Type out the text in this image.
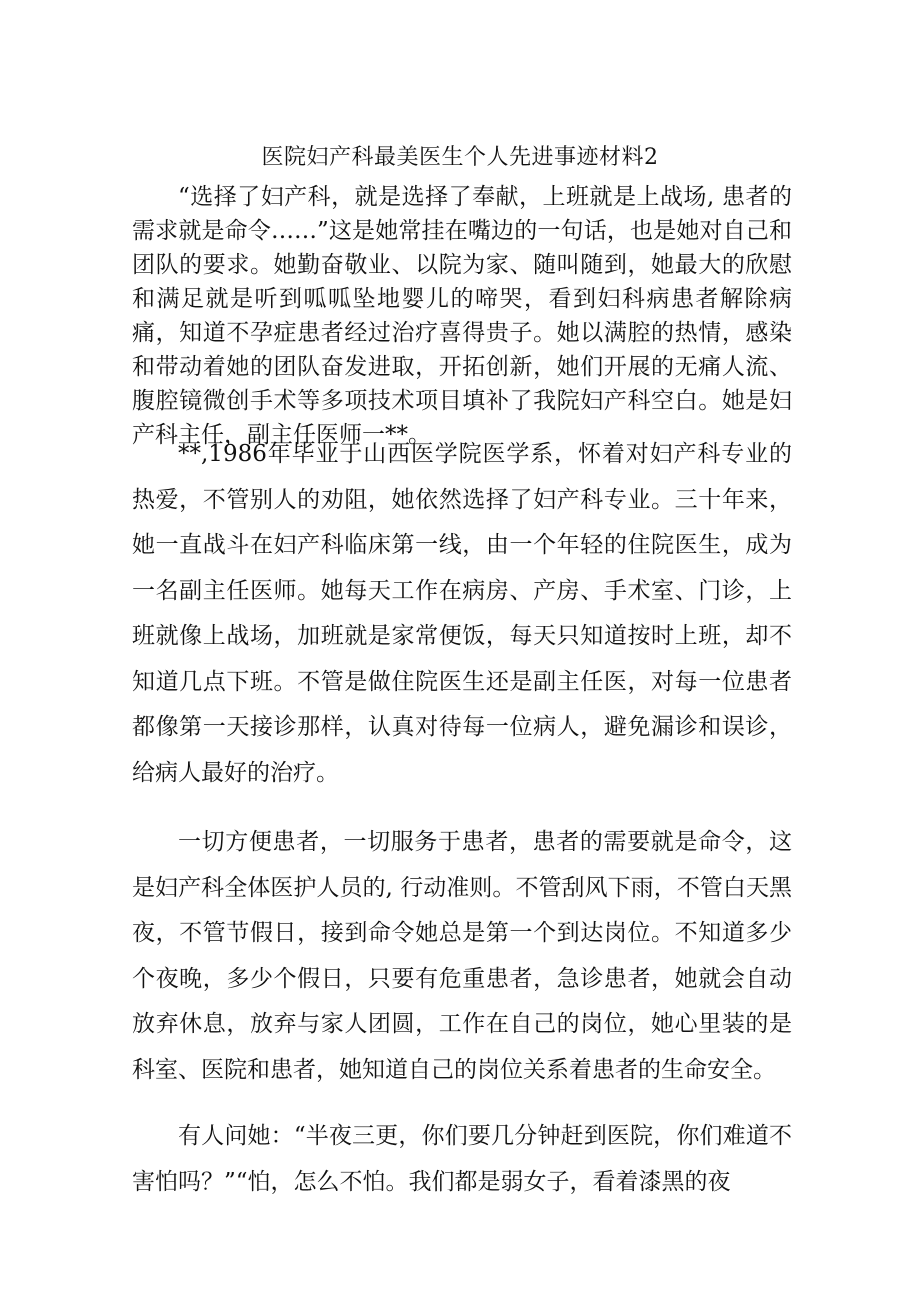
医院妇产科最美医生个人先进事迹材料2

“选择了妇产科，就是选择了奉献，上班就是上战场, 患者的需求就是命令……”这是她常挂在嘴边的一句话，也是她对自己和团队的要求。她勤奋敬业、以院为家、随叫随到，她最大的欣慰和满足就是听到呱呱坠地婴儿的啼哭，看到妇科病患者解除病痛，知道不孕症患者经过治疗喜得贵子。她以满腔的热情，感染和带动着她的团队奋发进取，开拓创新，她们开展的无痛人流、腹腔镜微创手术等多项技术项目填补了我院妇产科空白。她是妇产科主任，副主任医师一**。

**,1986年毕业于山西医学院医学系，怀着对妇产科专业的热爱，不管别人的劝阻，她依然选择了妇产科专业。三十年来，她一直战斗在妇产科临床第一线，由一个年轻的住院医生，成为一名副主任医师。她每天工作在病房、产房、手术室、门诊，上班就像上战场，加班就是家常便饭，每天只知道按时上班，却不知道几点下班。不管是做住院医生还是副主任医，对每一位患者都像第一天接诊那样，认真对待每一位病人，避免漏诊和误诊，给病人最好的治疗。

一切方便患者，一切服务于患者，患者的需要就是命令，这是妇产科全体医护人员的, 行动准则。不管刮风下雨，不管白天黑夜，不管节假日，接到命令她总是第一个到达岗位。不知道多少个夜晚，多少个假日，只要有危重患者，急诊患者，她就会自动放弃休息，放弃与家人团圆，工作在自己的岗位，她心里装的是科室、医院和患者，她知道自己的岗位关系着患者的生命安全。

有人问她：“半夜三更，你们要几分钟赶到医院，你们难道不害怕吗？”“怕，怎么不怕。我们都是弱女子，看着漆黑的夜
